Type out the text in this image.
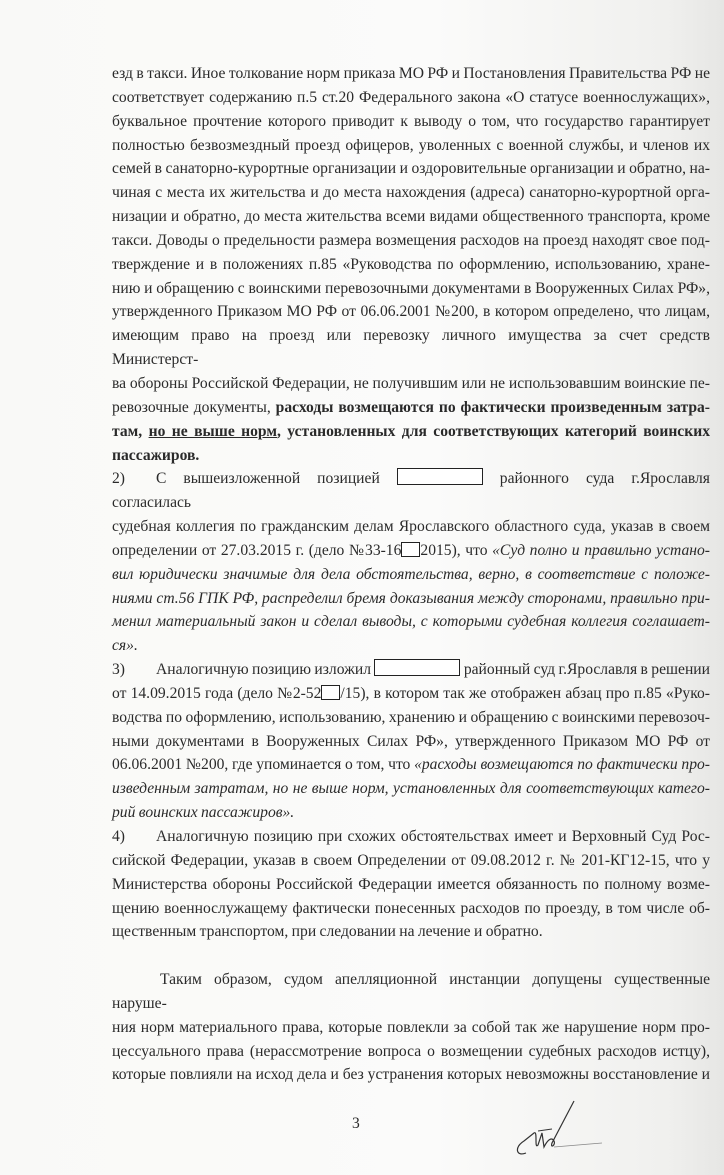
езд в такси. Иное толкование норм приказа МО РФ и Постановления Правительства РФ не
соответствует содержанию п.5 ст.20 Федерального закона «О статусе военнослужащих»,
буквальное прочтение которого приводит к выводу о том, что государство гарантирует
полностью безвозмездный проезд офицеров, уволенных с военной службы, и членов их
семей в санаторно-курортные организации и оздоровительные организации и обратно, на-
чиная с места их жительства и до места нахождения (адреса) санаторно-курортной орга-
низации и обратно, до места жительства всеми видами общественного транспорта, кроме
такси. Доводы о предельности размера возмещения расходов на проезд находят свое под-
тверждение и в положениях п.85 «Руководства по оформлению, использованию, хране-
нию и обращению с воинскими перевозочными документами в Вооруженных Силах РФ»,
утвержденного Приказом МО РФ от 06.06.2001 №200, в котором определено, что лицам,
имеющим право на проезд или перевозку личного имущества за счет средств Министерст-
ва обороны Российской Федерации, не получившим или не использовавшим воинские пе-
ревозочные документы, расходы возмещаются по фактически произведенным затра-
там, но не выше норм, установленных для соответствующих категорий воинских
пассажиров.
2) С вышеизложенной позицией	районного суда г.Ярославля согласилась
судебная коллегия по гражданским делам Ярославского областного суда, указав в своем
определении от 27.03.2015 г. (дело №33-16 2015), что «Суд полно и правильно устано-
вил юридически значимые для дела обстоятельства, верно, в соответствие с положе-
ниями ст.56 ГПК РФ, распределил бремя доказывания между сторонами, правильно при-
менил материальный закон и сделал выводы, с которыми судебная коллегия соглашает-
ся».
3) Аналогичную позицию изложил	районный суд г.Ярославля в решении
от 14.09.2015 года (дело №2-52 /15), в котором так же отображен абзац про п.85 «Руко-
водства по оформлению, использованию, хранению и обращению с воинскими перевозоч-
ными документами в Вооруженных Силах РФ», утвержденного Приказом МО РФ от
06.06.2001 №200, где упоминается о том, что «расходы возмещаются по фактически про-
изведенным затратам, но не выше норм, установленных для соответствующих катего-
рий воинских пассажиров».
4) Аналогичную позицию при схожих обстоятельствах имеет и Верховный Суд Рос-
сийской Федерации, указав в своем Определении от 09.08.2012 г. № 201-КГ12-15, что у
Министерства обороны Российской Федерации имеется обязанность по полному возме-
щению военнослужащему фактически понесенных расходов по проезду, в том числе об-
щественным транспортом, при следовании на лечение и обратно.
Таким образом, судом апелляционной инстанции допущены существенные наруше-
ния норм материального права, которые повлекли за собой так же нарушение норм про-
цессуального права (нерассмотрение вопроса о возмещении судебных расходов истцу),
которые повлияли на исход дела и без устранения которых невозможны восстановление и
3
